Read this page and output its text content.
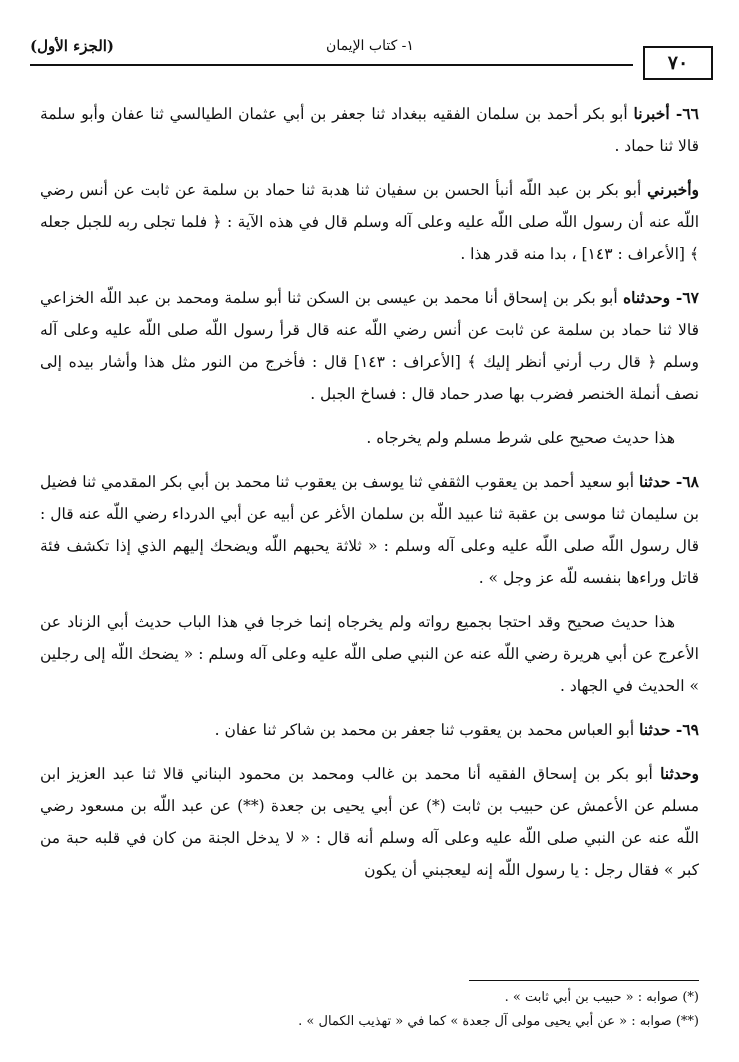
٧٠
١- كتاب الإيمان
(الجزء الأول)

٦٦- أخبرنا أبو بكر أحمد بن سلمان الفقيه ببغداد ثنا جعفر بن أبي عثمان الطيالسي ثنا عفان وأبو سلمة قالا ثنا حماد .

وأخبرني أبو بكر بن عبد اللّه أنبأ الحسن بن سفيان ثنا هدبة ثنا حماد بن سلمة عن ثابت عن أنس رضي اللّه عنه أن رسول اللّه صلى اللّه عليه وعلى آله وسلم قال في هذه الآية : ﴿ فلما تجلى ربه للجبل جعله ﴾ [الأعراف : ١٤٣] ، بدا منه قدر هذا .

٦٧- وحدثناه أبو بكر بن إسحاق أنا محمد بن عيسى بن السكن ثنا أبو سلمة ومحمد بن عبد اللّه الخزاعي قالا ثنا حماد بن سلمة عن ثابت عن أنس رضي اللّه عنه قال قرأ رسول اللّه صلى اللّه عليه وعلى آله وسلم ﴿ قال رب أرني أنظر إليك ﴾ [الأعراف : ١٤٣] قال : فأخرج من النور مثل هذا وأشار بيده إلى نصف أنملة الخنصر فضرب بها صدر حماد قال : فساخ الجبل .

هذا حديث صحيح على شرط مسلم ولم يخرجاه .

٦٨- حدثنا أبو سعيد أحمد بن يعقوب الثقفي ثنا يوسف بن يعقوب ثنا محمد بن أبي بكر المقدمي ثنا فضيل بن سليمان ثنا موسى بن عقبة ثنا عبيد اللّه بن سلمان الأغر عن أبيه عن أبي الدرداء رضي اللّه عنه قال : قال رسول اللّه صلى اللّه عليه وعلى آله وسلم : « ثلاثة يحبهم اللّه ويضحك إليهم الذي إذا تكشف فئة قاتل وراءها بنفسه للّه عز وجل » .

هذا حديث صحيح وقد احتجا بجميع رواته ولم يخرجاه إنما خرجا في هذا الباب حديث أبي الزناد عن الأعرج عن أبي هريرة رضي اللّه عنه عن النبي صلى اللّه عليه وعلى آله وسلم : « يضحك اللّه إلى رجلين » الحديث في الجهاد .

٦٩- حدثنا أبو العباس محمد بن يعقوب ثنا جعفر بن محمد بن شاكر ثنا عفان .

وحدثنا أبو بكر بن إسحاق الفقيه أنا محمد بن غالب ومحمد بن محمود البناني قالا ثنا عبد العزيز ابن مسلم عن الأعمش عن حبيب بن ثابت (*) عن أبي يحيى بن جعدة (**) عن عبد اللّه بن مسعود رضي اللّه عنه عن النبي صلى اللّه عليه وعلى آله وسلم أنه قال : « لا يدخل الجنة من كان في قلبه حبة من كبر » فقال رجل : يا رسول اللّه إنه ليعجبني أن يكون

(*) صوابه : « حبيب بن أبي ثابت » .

(**) صوابه : « عن أبي يحيى مولى آل جعدة » كما في « تهذيب الكمال » .
